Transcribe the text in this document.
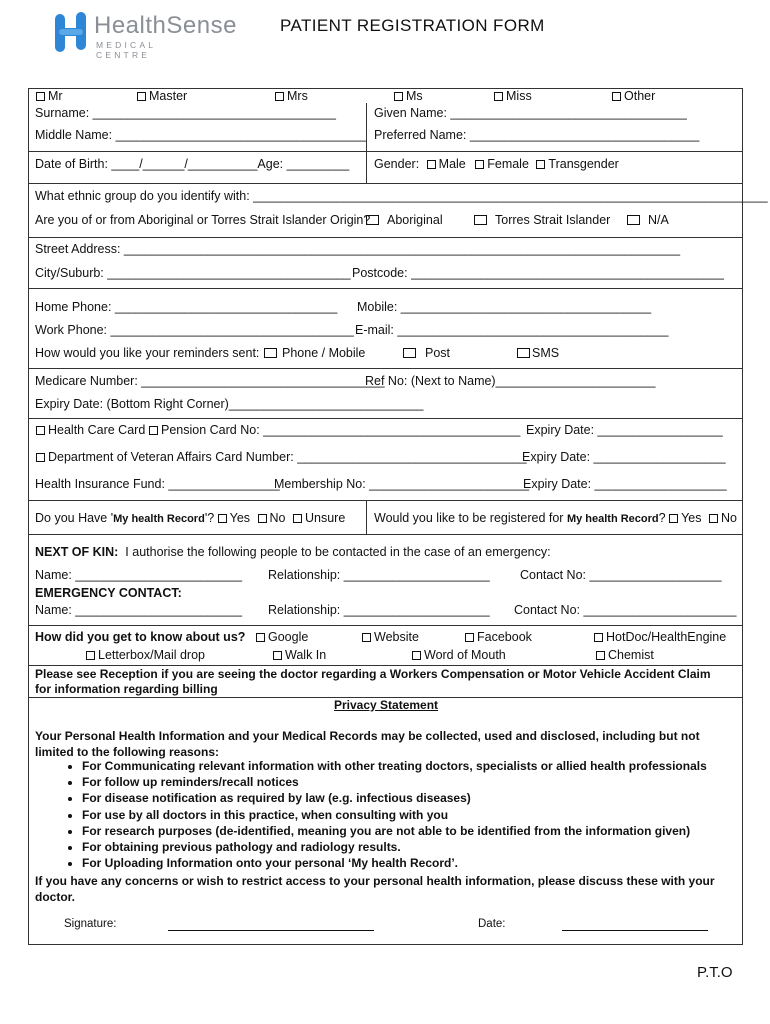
HealthSense
MEDICAL CENTRE
PATIENT REGISTRATION FORM
Mr	Master	Mrs	Ms	Miss	Other
Surname: ___________________________________	Given Name: __________________________________
Middle Name: ____________________________________ Preferred Name: _________________________________
Date of Birth: ____/______/__________Age: _________ Gender: Male Female Transgender
What ethnic group do you identify with: __________________________________________________________________________
Are you of or from Aboriginal or Torres Strait Islander Origin?	Aboriginal	Torres Strait Islander	N/A
Street Address: ________________________________________________________________________________
City/Suburb: ___________________________________ Postcode: _____________________________________________
Home Phone: ________________________________ Mobile: ____________________________________
Work Phone: ___________________________________ E-mail: _______________________________________
How would you like your reminders sent:	Phone / Mobile	Post	SMS
Medicare Number: ___________________________________
Ref No: (Next to Name)_______________________
Expiry Date: (Bottom Right Corner)____________________________
Health Care Card	Pension Card No: _____________________________________ Expiry Date: __________________
Department of Veteran Affairs Card Number: _________________________________
Expiry Date: ___________________
Health Insurance Fund: ________________
Membership No: _______________________
Expiry Date: ___________________
Do you Have 'My health Record'? Yes No Unsure Would you like to be registered for My health Record? Yes No
NEXT OF KIN: I authorise the following people to be contacted in the case of an emergency:
Name: ________________________ Relationship: _____________________ Contact No: ___________________
EMERGENCY CONTACT:
Name: ________________________ Relationship: _____________________ Contact No: ______________________
How did you get to know about us?	Google	Website	Facebook	HotDoc/HealthEngine
Letterbox/Mail drop	Walk In	Word of Mouth	Chemist
Please see Reception if you are seeing the doctor regarding a Workers Compensation or Motor Vehicle Accident Claim for information regarding billing
Privacy Statement
Your Personal Health Information and your Medical Records may be collected, used and disclosed, including but not limited to the following reasons:
• For Communicating relevant information with other treating doctors, specialists or allied health professionals
• For follow up reminders/recall notices
• For disease notification as required by law (e.g. infectious diseases)
• For use by all doctors in this practice, when consulting with you
• For research purposes (de-identified, meaning you are not able to be identified from the information given)
• For obtaining previous pathology and radiology results.
• For Uploading Information onto your personal ‘My health Record’.
If you have any concerns or wish to restrict access to your personal health information, please discuss these with your doctor.
Signature:	Date:
P.T.O
